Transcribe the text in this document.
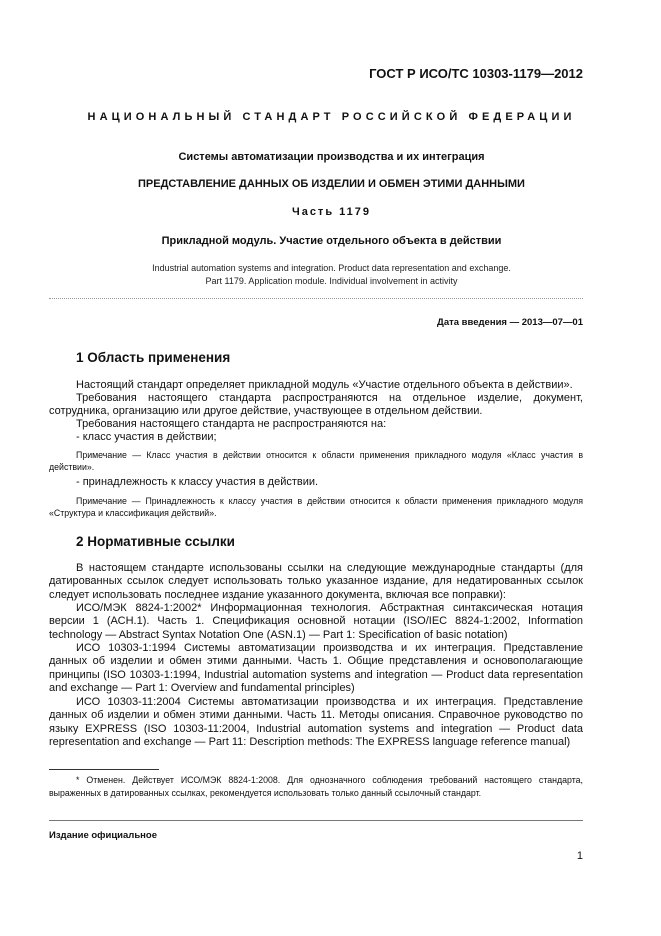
ГОСТ Р ИСО/ТС 10303-1179—2012
НАЦИОНАЛЬНЫЙ СТАНДАРТ РОССИЙСКОЙ ФЕДЕРАЦИИ
Системы автоматизации производства и их интеграция
ПРЕДСТАВЛЕНИЕ ДАННЫХ ОБ ИЗДЕЛИИ И ОБМЕН ЭТИМИ ДАННЫМИ
Часть 1179
Прикладной модуль. Участие отдельного объекта в действии
Industrial automation systems and integration. Product data representation and exchange.
Part 1179. Application module. Individual involvement in activity
Дата введения — 2013—07—01
1 Область применения
Настоящий стандарт определяет прикладной модуль «Участие отдельного объекта в действии».
Требования настоящего стандарта распространяются на отдельное изделие, документ, сотрудника, организацию или другое действие, участвующее в отдельном действии.
Требования настоящего стандарта не распространяются на:
- класс участия в действии;
Примечание — Класс участия в действии относится к области применения прикладного модуля «Класс участия в действии».
- принадлежность к классу участия в действии.
Примечание — Принадлежность к классу участия в действии относится к области применения прикладного модуля «Структура и классификация действий».
2 Нормативные ссылки
В настоящем стандарте использованы ссылки на следующие международные стандарты (для датированных ссылок следует использовать только указанное издание, для недатированных ссылок следует использовать последнее издание указанного документа, включая все поправки):
ИСО/МЭК 8824-1:2002* Информационная технология. Абстрактная синтаксическая нотация версии 1 (АСН.1). Часть 1. Спецификация основной нотации (ISO/IEC 8824-1:2002, Information technology — Abstract Syntax Notation One (ASN.1) — Part 1: Specification of basic notation)
ИСО 10303-1:1994 Системы автоматизации производства и их интеграция. Представление данных об изделии и обмен этими данными. Часть 1. Общие представления и основополагающие принципы (ISO 10303-1:1994, Industrial automation systems and integration — Product data representation and exchange — Part 1: Overview and fundamental principles)
ИСО 10303-11:2004 Системы автоматизации производства и их интеграция. Представление данных об изделии и обмен этими данными. Часть 11. Методы описания. Справочное руководство по языку EXPRESS (ISO 10303-11:2004, Industrial automation systems and integration — Product data representation and exchange — Part 11: Description methods: The EXPRESS language reference manual)
* Отменен. Действует ИСО/МЭК 8824-1:2008. Для однозначного соблюдения требований настоящего стандарта, выраженных в датированных ссылках, рекомендуется использовать только данный ссылочный стандарт.
Издание официальное
1
